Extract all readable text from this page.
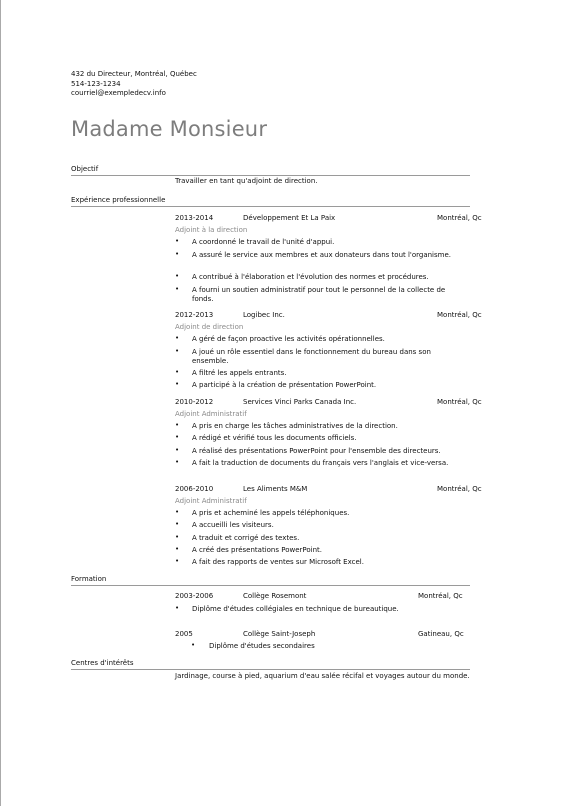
432 du Directeur, Montréal, Québec
514-123-1234
courriel@exempledecv.info
Madame Monsieur
Objectif
Travailler en tant qu'adjoint de direction.
Expérience professionnelle
2013-2014	Développement Et La Paix	Montréal, Qc
Adjoint à la direction
• A coordonné le travail de l'unité d'appui.
• A assuré le service aux membres et aux donateurs dans tout l'organisme.
• A contribué à l'élaboration et l'évolution des normes et procédures.
• A fourni un soutien administratif pour tout le personnel de la collecte de fonds.
2012-2013	Logibec Inc.	Montréal, Qc
Adjoint de direction
• A géré de façon proactive les activités opérationnelles.
• A joué un rôle essentiel dans le fonctionnement du bureau dans son ensemble.
• A filtré les appels entrants.
• A participé à la création de présentation PowerPoint.
2010-2012	Services Vinci Parks Canada Inc.	Montréal, Qc
Adjoint Administratif
• A pris en charge les tâches administratives de la direction.
• A rédigé et vérifié tous les documents officiels.
• A réalisé des présentations PowerPoint pour l'ensemble des directeurs.
• A fait la traduction de documents du français vers l'anglais et vice-versa.
2006-2010	Les Aliments M&M	Montréal, Qc
Adjoint Administratif
• A pris et acheminé les appels téléphoniques.
• A accueilli les visiteurs.
• A traduit et corrigé des textes.
• A créé des présentations PowerPoint.
• A fait des rapports de ventes sur Microsoft Excel.
Formation
2003-2006	Collège Rosemont	Montréal, Qc
• Diplôme d'études collégiales en technique de bureautique.
2005	Collège Saint-Joseph	Gatineau, Qc
• Diplôme d'études secondaires
Centres d'intérêts
Jardinage, course à pied, aquarium d'eau salée récifal et voyages autour du monde.
